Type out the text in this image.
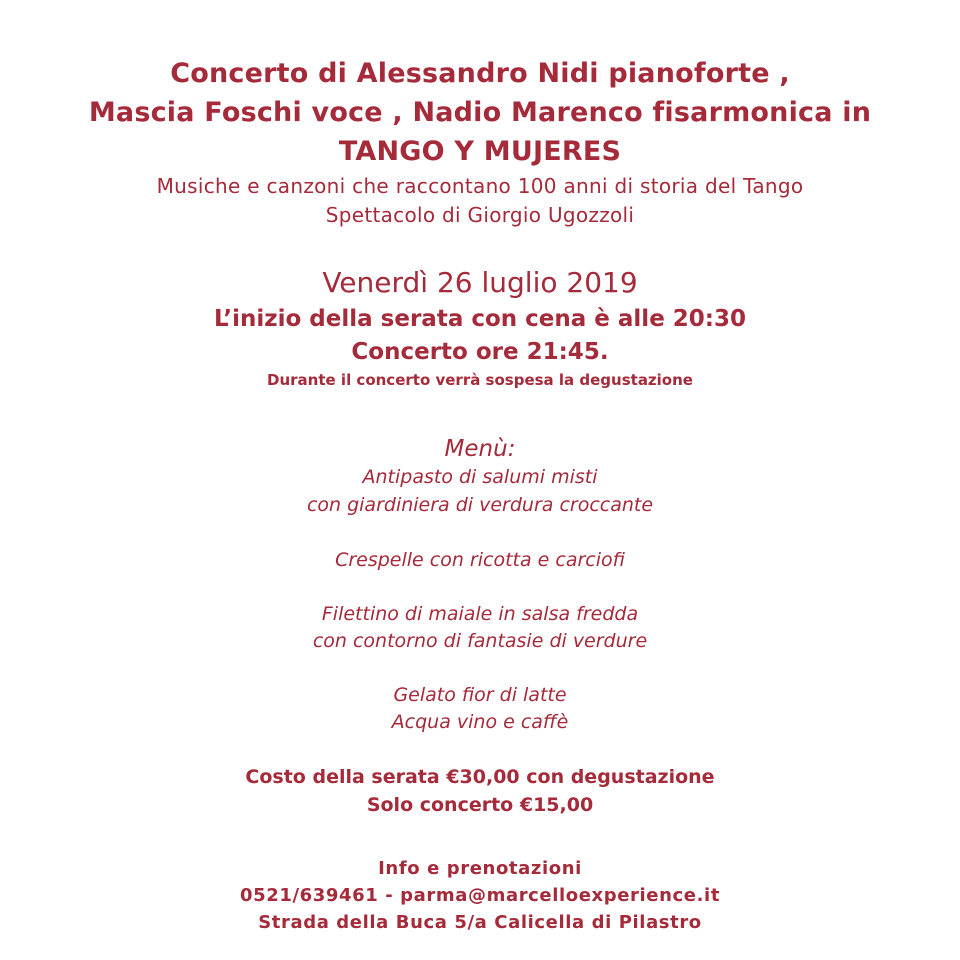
Concerto di Alessandro Nidi pianoforte ,
Mascia Foschi voce , Nadio Marenco fisarmonica in
TANGO Y MUJERES
Musiche e canzoni che raccontano 100 anni di storia del Tango
Spettacolo di Giorgio Ugozzoli
Venerdì 26 luglio 2019
L’inizio della serata con cena è alle 20:30
Concerto ore 21:45.
Durante il concerto verrà sospesa la degustazione
Menù:
Antipasto di salumi misti
con giardiniera di verdura croccante
Crespelle con ricotta e carciofi
Filettino di maiale in salsa fredda
con contorno di fantasie di verdure
Gelato fior di latte
Acqua vino e caffè
Costo della serata €30,00 con degustazione
Solo concerto €15,00
Info e prenotazioni
0521/639461 - parma@marcelloexperience.it
Strada della Buca 5/a Calicella di Pilastro
